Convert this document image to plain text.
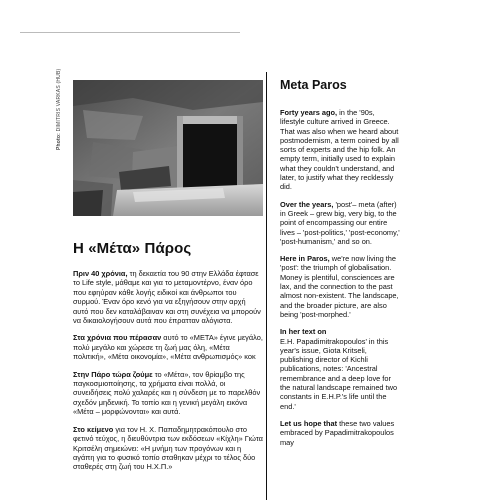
Photo: DIMITRIS VARKAS (HUB)
Η «Μέτα» Πάρος

Πριν 40 χρόνια, τη δεκαετία του 90 στην Ελλάδα έφτασε το Life style, μάθαμε και για το μεταμοντέρνο, έναν όρο που εφηύραν κάθε λογής ειδικοί και άνθρωποι του συρμού. Έναν όρο κενό για να εξηγήσουν στην αρχή αυτό που δεν καταλάβαιναν και στη συνέχεια να μπορούν να δικαιολογήσουν αυτά που έπρατταν αλόγιστα.

Στα χρόνια που πέρασαν αυτό το «ΜΕΤΑ» έγινε μεγάλο, πολύ μεγάλο και χώρεσε τη ζωή μας όλη, «Μέτα πολιτική», «Μέτα οικονομία», «Μέτα ανθρωπισμός» κοκ

Στην Πάρο τώρα ζούμε το «Μέτα», τον θρίαμβο της παγκοσμιοποίησης, τα χρήματα είναι πολλά, οι συνειδήσεις πολύ χαλαρές και η σύνδεση με το παρελθόν σχεδόν μηδενική. Το τοπίο και η γενική μεγάλη εικόνα «Μέτα – μορφώνονται» και αυτά.

Στο κείμενο για τον Η. Χ. Παπαδημητρακόπουλο στο φετινό τεύχος, η διευθύντρια των εκδόσεων «Κίχλη» Γιώτα Κριτσέλη σημειώνει: «Η μνήμη των προγόνων και η αγάπη για το φυσικό τοπίο σταθηκαν μέχρι το τέλος δύο σταθερές στη ζωή του Η.Χ.Π.»

Meta Paros

Forty years ago, in the '90s, lifestyle culture arrived in Greece. That was also when we heard about postmodernism, a term coined by all sorts of experts and the hip folk. An empty term, initially used to explain what they couldn't understand, and later, to justify what they recklessly did.

Over the years, 'post'– meta (after) in Greek – grew big, very big, to the point of encompassing our entire lives – 'post-politics,' 'post-economy,' 'post-humanism,' and so on.

Here in Paros, we're now living the 'post': the triumph of globalisation. Money is plentiful, consciences are lax, and the connection to the past almost non-existent. The landscape, and the broader picture, are also being 'post-morphed.'

In her text on
E.H. Papadimitrakopoulos' in this year's issue, Giota Kritseli, publishing director of Kichli publications, notes: 'Ancestral remembrance and a deep love for the natural landscape remained two constants in E.H.P.'s life until the end.'

Let us hope that these two values embraced by Papadimitrakopoulos may
